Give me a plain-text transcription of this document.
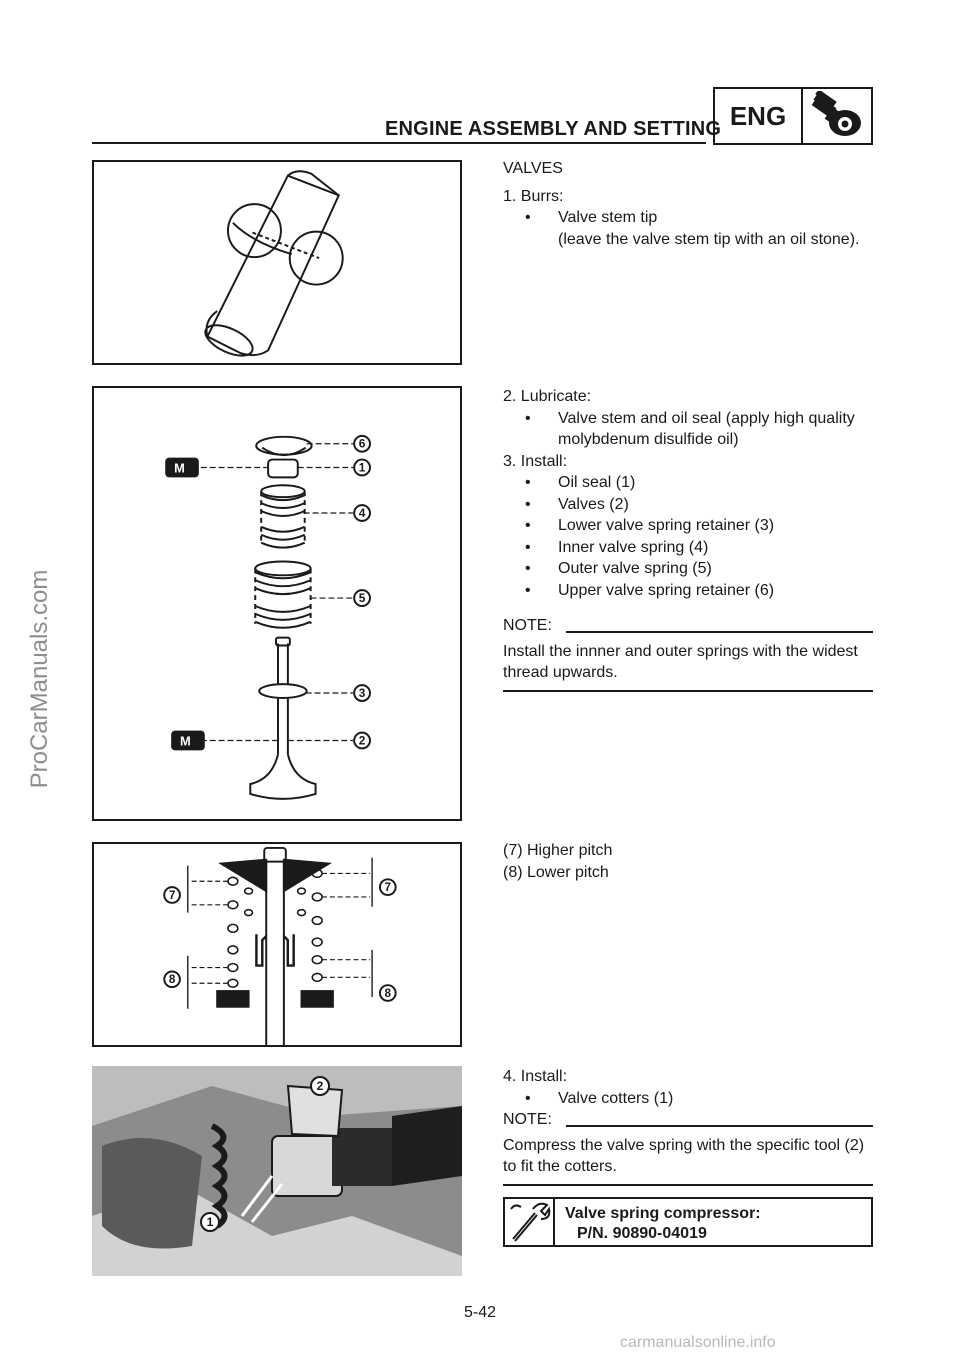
ENGINE ASSEMBLY AND SETTING ENG
ProCarManuals.com
VALVES
1. Burrs:
• Valve stem tip
(leave the valve stem tip with an oil stone).
M
M
6
1
4
5
3
2
2. Lubricate:
• Valve stem and oil seal (apply high quality
molybdenum disulfide oil)
3. Install:
• Oil seal (1)
• Valves (2)
• Lower valve spring retainer (3)
• Inner valve spring (4)
• Outer valve spring (5)
• Upper valve spring retainer (6)
NOTE:
Install the innner and outer springs with the widest thread upwards.
7
7
8
8
(7) Higher pitch
(8) Lower pitch
2
1
4. Install:
• Valve cotters (1)
NOTE:
Compress the valve spring with the specific tool (2) to fit the cotters.
Valve spring compressor:
P/N. 90890-04019
5-42
carmanualsonline.info
